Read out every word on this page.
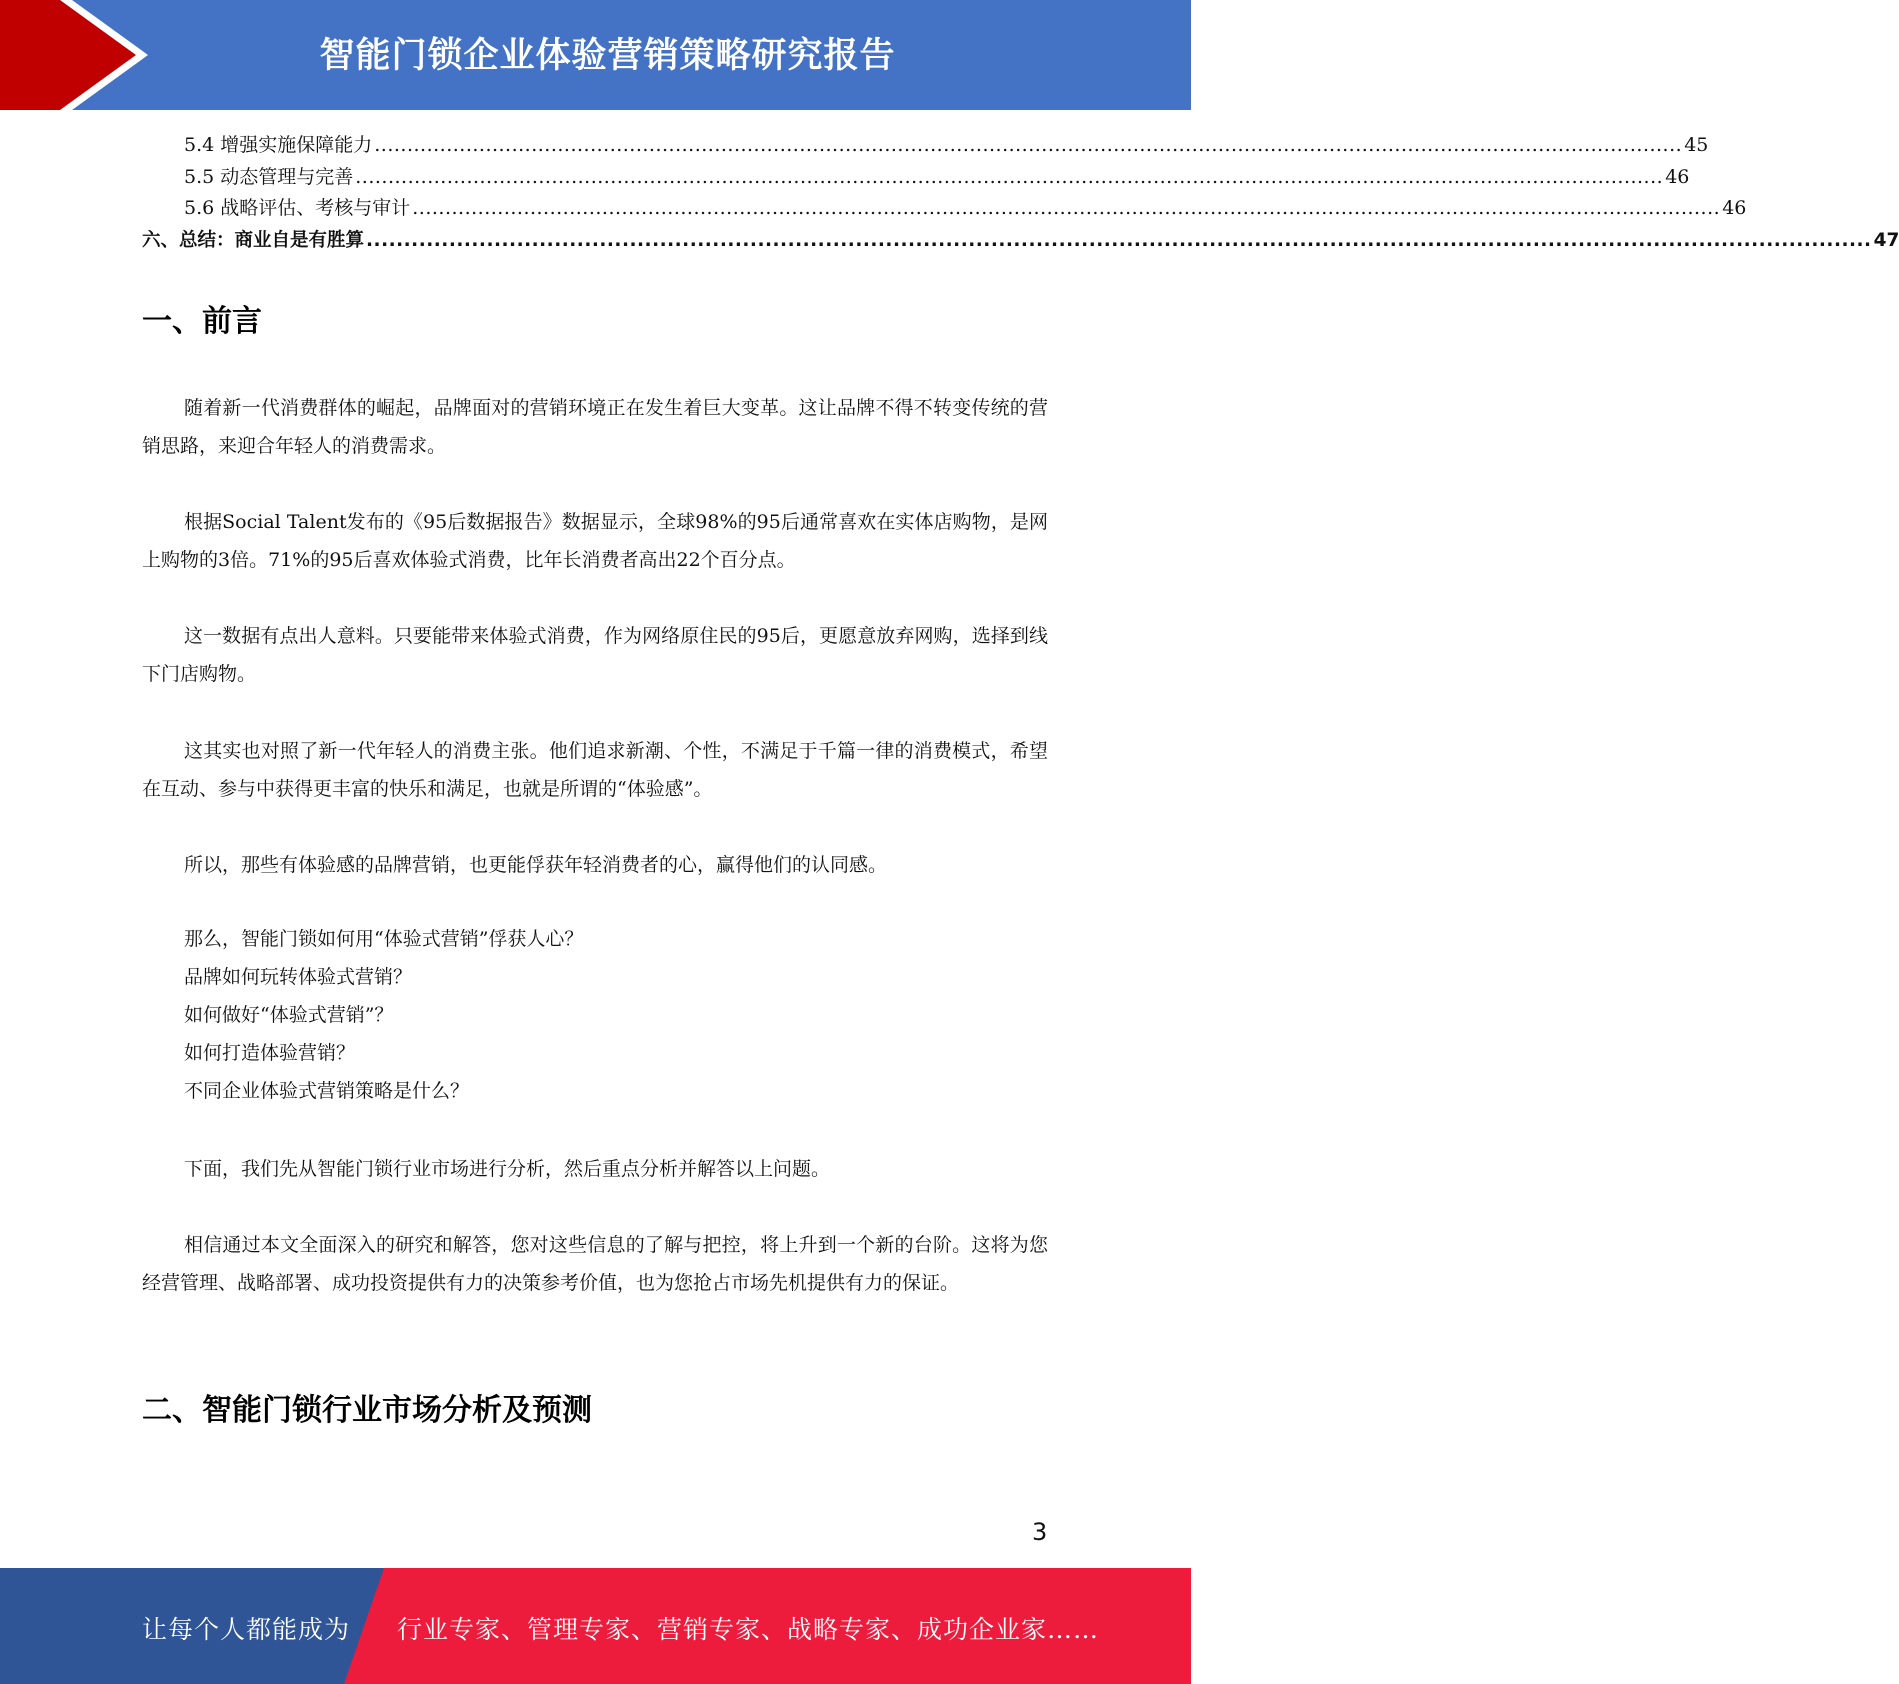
智能门锁企业体验营销策略研究报告
5.4 增强实施保障能力 ........................................................................................................................................................................................................ 45
5.5 动态管理与完善 ........................................................................................................................................................................................................ 46
5.6 战略评估、考核与审计 ........................................................................................................................................................................................................ 46
六、总结：商业自是有胜算 ........................................................................................................................................................................................................ 47
一、前言

随着新一代消费群体的崛起，品牌面对的营销环境正在发生着巨大变革。这让品牌不得不转变传统的营销思路，来迎合年轻人的消费需求。

根据Social Talent发布的《95后数据报告》数据显示，全球98%的95后通常喜欢在实体店购物，是网上购物的3倍。71%的95后喜欢体验式消费，比年长消费者高出22个百分点。

这一数据有点出人意料。只要能带来体验式消费，作为网络原住民的95后，更愿意放弃网购，选择到线下门店购物。

这其实也对照了新一代年轻人的消费主张。他们追求新潮、个性，不满足于千篇一律的消费模式，希望在互动、参与中获得更丰富的快乐和满足，也就是所谓的“体验感”。

所以，那些有体验感的品牌营销，也更能俘获年轻消费者的心，赢得他们的认同感。

那么，智能门锁如何用“体验式营销”俘获人心？
品牌如何玩转体验式营销？
如何做好“体验式营销”？
如何打造体验营销？
不同企业体验式营销策略是什么？

下面，我们先从智能门锁行业市场进行分析，然后重点分析并解答以上问题。

相信通过本文全面深入的研究和解答，您对这些信息的了解与把控，将上升到一个新的台阶。这将为您经营管理、战略部署、成功投资提供有力的决策参考价值，也为您抢占市场先机提供有力的保证。

二、智能门锁行业市场分析及预测
3
让每个人都能成为 行业专家、管理专家、营销专家、战略专家、成功企业家……
